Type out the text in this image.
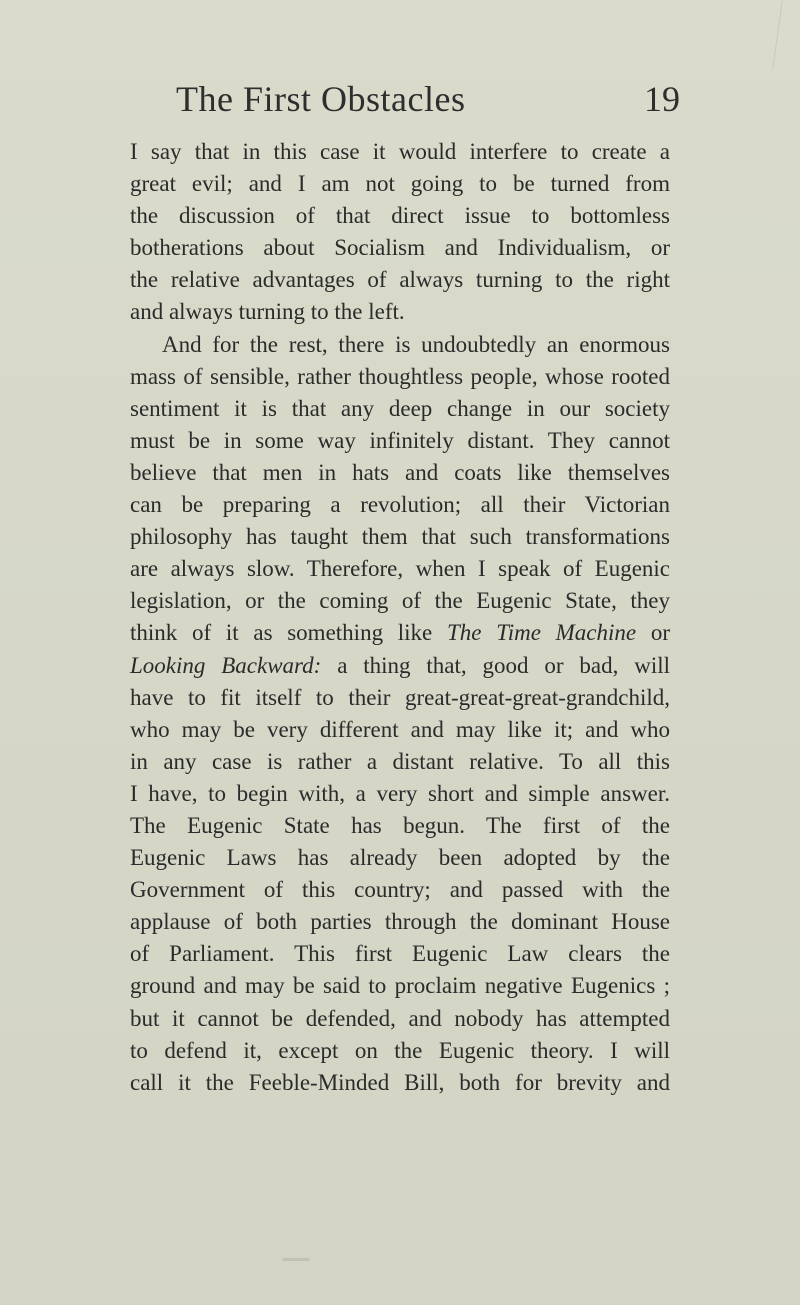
The First Obstacles	19
I say that in this case it would interfere to create a
great evil; and I am not going to be turned from
the discussion of that direct issue to bottomless
botherations about Socialism and Individualism, or
the relative advantages of always turning to the right
and always turning to the left.
And for the rest, there is undoubtedly an enormous
mass of sensible, rather thoughtless people, whose rooted
sentiment it is that any deep change in our society
must be in some way infinitely distant. They cannot
believe that men in hats and coats like themselves
can be preparing a revolution; all their Victorian
philosophy has taught them that such transformations
are always slow. Therefore, when I speak of Eugenic
legislation, or the coming of the Eugenic State, they
think of it as something like The Time Machine or
Looking Backward: a thing that, good or bad, will
have to fit itself to their great-great-great-grandchild,
who may be very different and may like it; and who
in any case is rather a distant relative. To all this
I have, to begin with, a very short and simple answer.
The Eugenic State has begun. The first of the
Eugenic Laws has already been adopted by the
Government of this country; and passed with the
applause of both parties through the dominant House
of Parliament. This first Eugenic Law clears the
ground and may be said to proclaim negative Eugenics ;
but it cannot be defended, and nobody has attempted
to defend it, except on the Eugenic theory. I will
call it the Feeble-Minded Bill, both for brevity and
